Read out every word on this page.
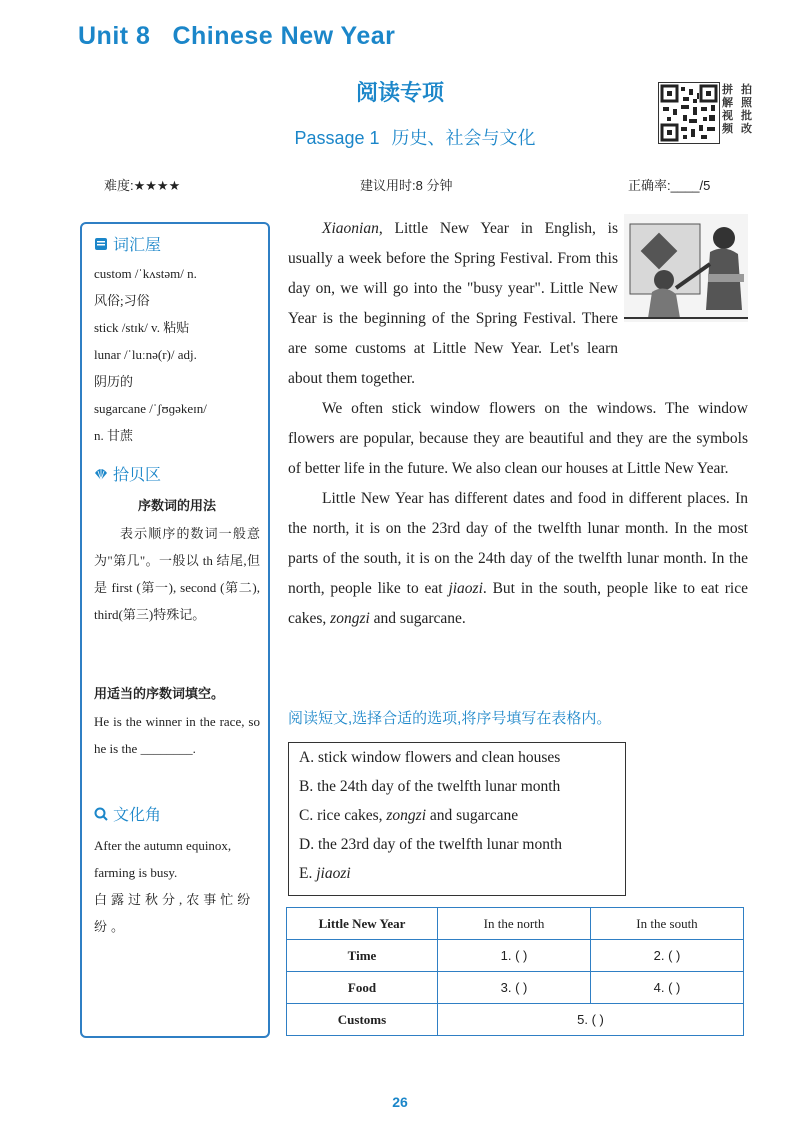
Unit 8 Chinese New Year
阅读专项
Passage 1 历史、社会与文化
拼 拍
解 照
视 批
频 改
难度:★★★★	建议用时:8 分钟	正确率:____/5
词汇屋
custom /ˈkʌstəm/ n.
风俗;习俗
stick /stɪk/ v. 粘贴
lunar /ˈluːnə(r)/ adj.
阴历的
sugarcane /ˈʃʊɡəkeɪn/
n. 甘蔗
拾贝区
序数词的用法
表示顺序的数词一般意为"第几"。一般以 th 结尾,但是 first (第一), second (第二), third(第三)特殊记。
用适当的序数词填空。
He is the winner in the race, so he is the ________.
文化角
After the autumn equinox, farming is busy.
白露过秋分,农事忙纷纷。

Xiaonian, Little New Year in English, is usually a week before the Spring Festival. From this day on, we will go into the "busy year". Little New Year is the beginning of the Spring Festival. There are some customs at Little New Year. Let's learn about them together.

We often stick window flowers on the windows. The window flowers are popular, because they are beautiful and they are the symbols of better life in the future. We also clean our houses at Little New Year.

Little New Year has different dates and food in different places. In the north, it is on the 23rd day of the twelfth lunar month. In the most parts of the south, it is on the 24th day of the twelfth lunar month. In the north, people like to eat jiaozi. But in the south, people like to eat rice cakes, zongzi and sugarcane.

阅读短文,选择合适的选项,将序号填写在表格内。
A. stick window flowers and clean houses
B. the 24th day of the twelfth lunar month
C. rice cakes, zongzi and sugarcane
D. the 23rd day of the twelfth lunar month
E. jiaozi
Little New Year	In the north	In the south
Time	1. ( )	2. ( )
Food	3. ( )	4. ( )
Customs	5. ( )	
26
